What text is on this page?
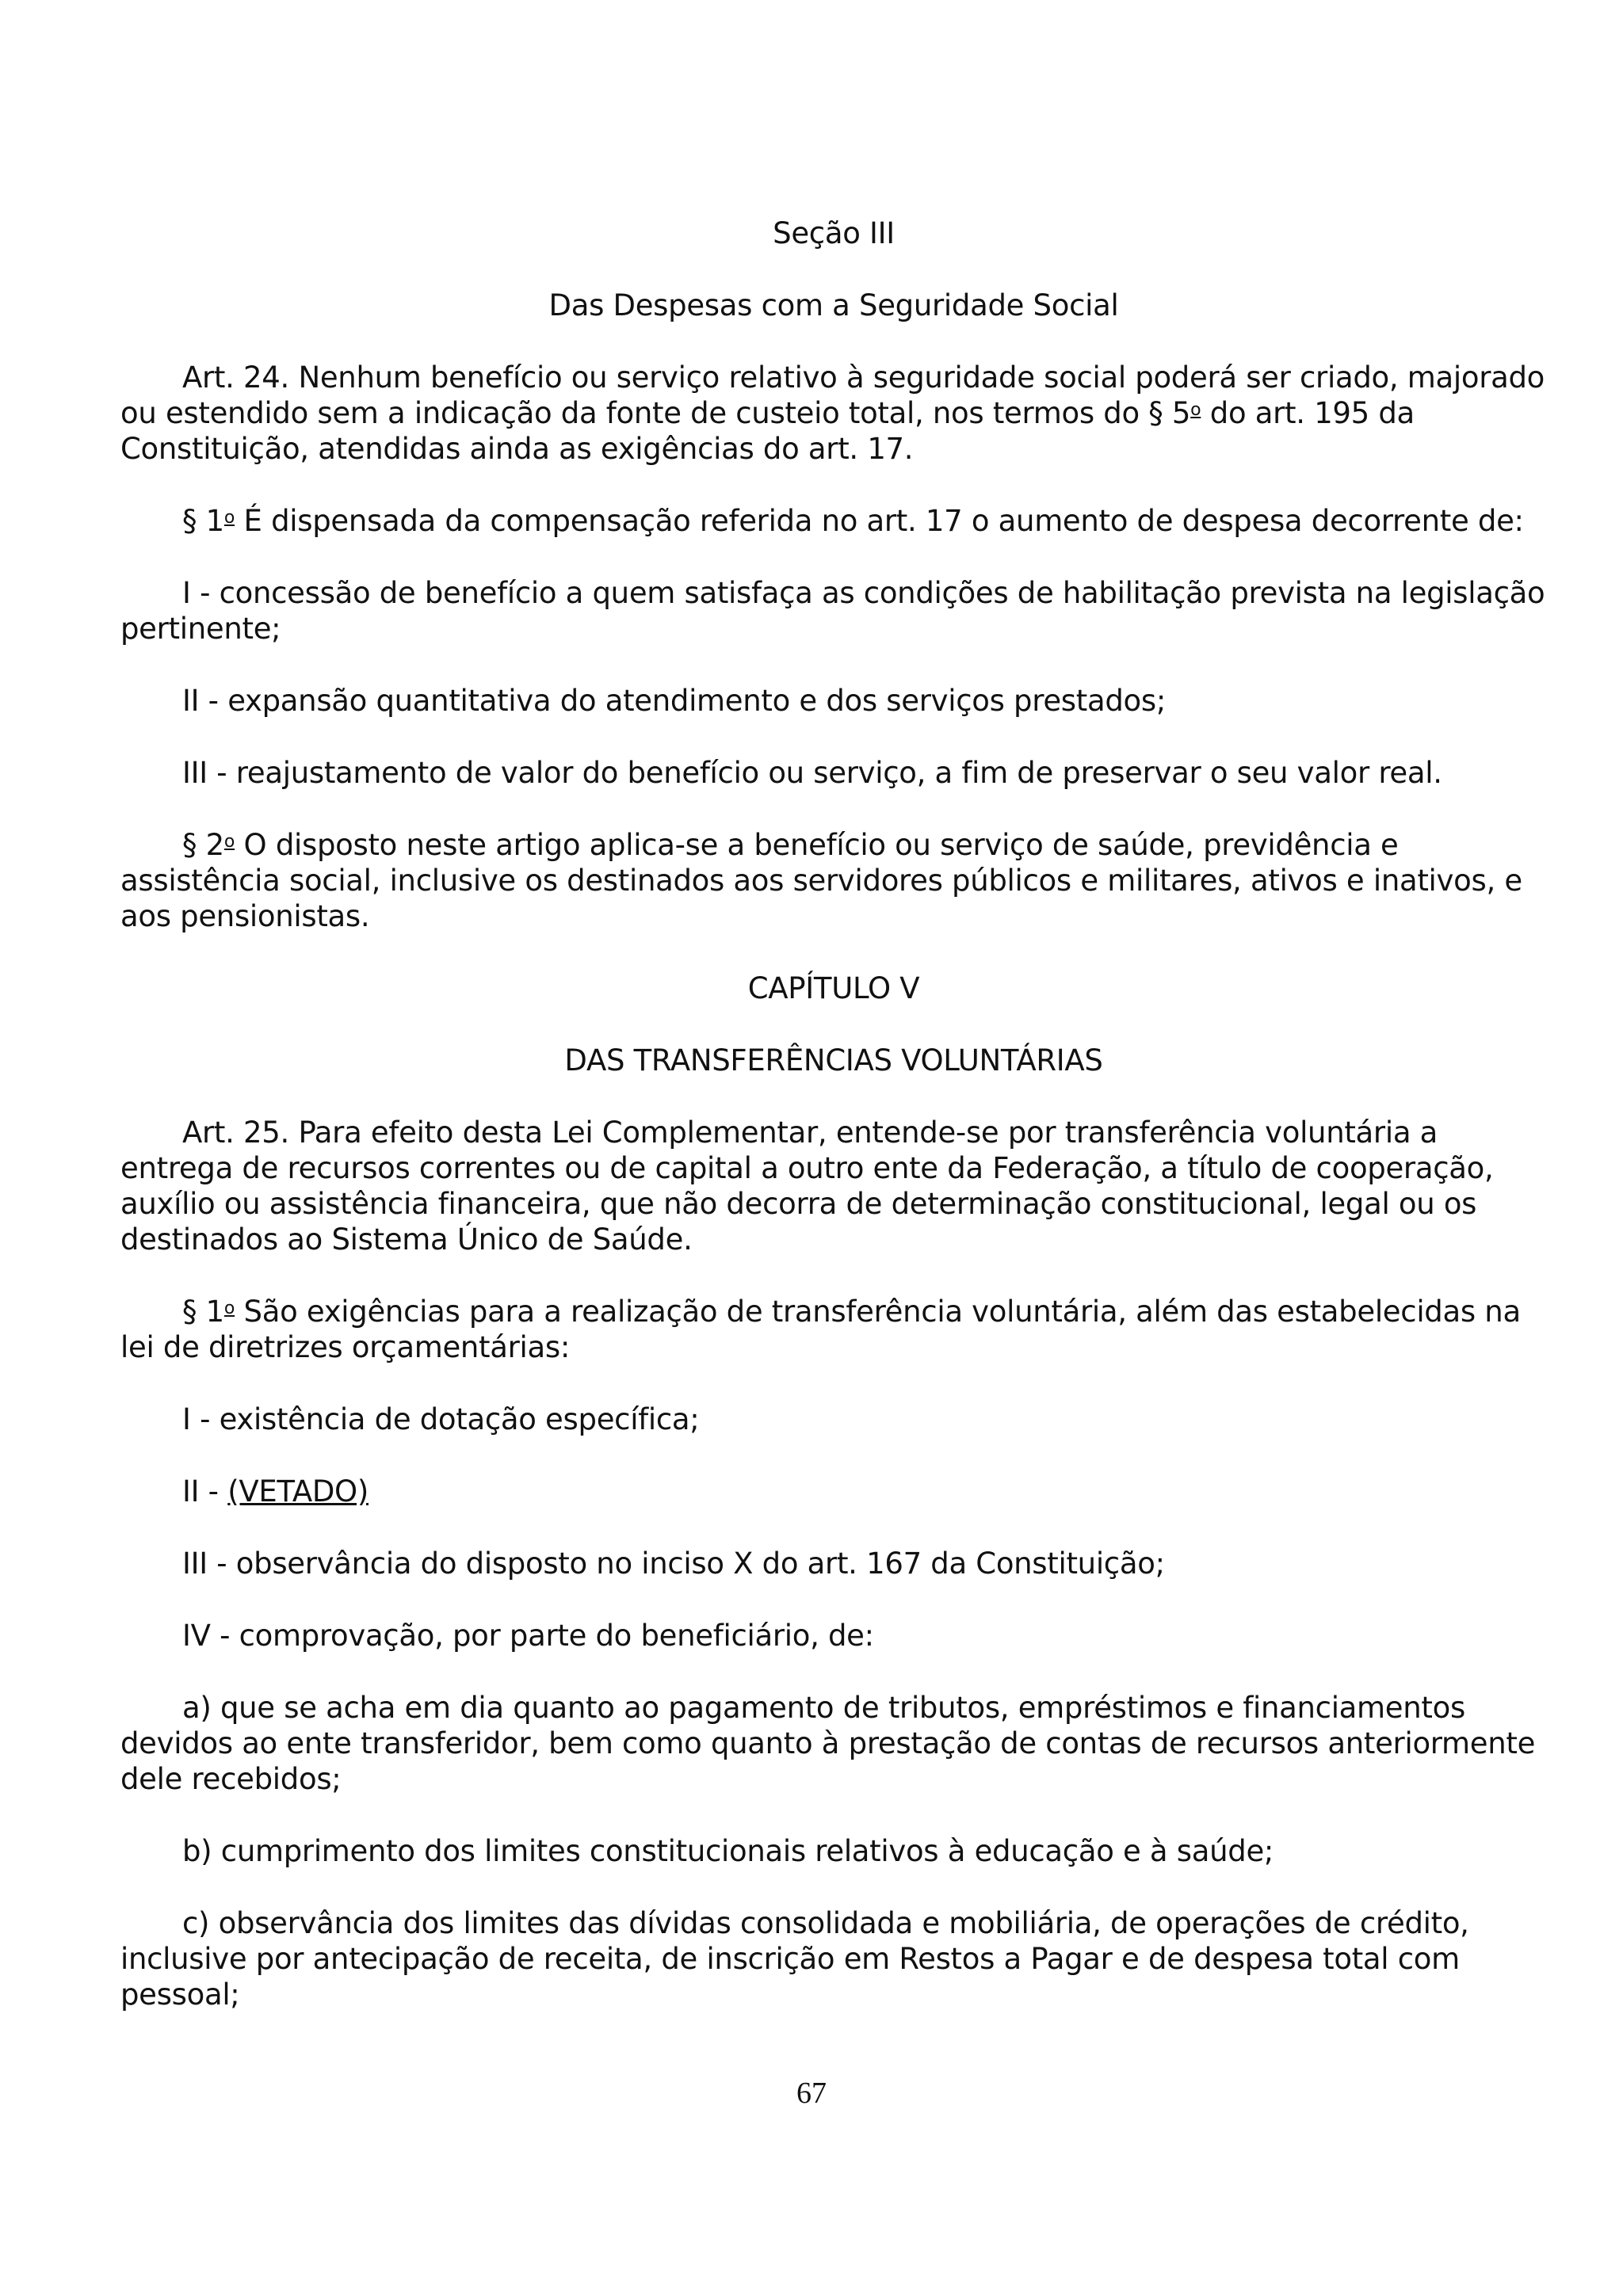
Seção III

Das Despesas com a Seguridade Social

Art. 24. Nenhum benefício ou serviço relativo à seguridade social poderá ser criado, majorado ou estendido sem a indicação da fonte de custeio total, nos termos do § 5$^o$ do art. 195 da Constituição, atendidas ainda as exigências do art. 17.

§ 1$^o$ É dispensada da compensação referida no art. 17 o aumento de despesa decorrente de:

I - concessão de benefício a quem satisfaça as condições de habilitação prevista na legislação pertinente;

II - expansão quantitativa do atendimento e dos serviços prestados;

III - reajustamento de valor do benefício ou serviço, a fim de preservar o seu valor real.

§ 2$^o$ O disposto neste artigo aplica-se a benefício ou serviço de saúde, previdência e assistência social, inclusive os destinados aos servidores públicos e militares, ativos e inativos, e aos pensionistas.

CAPÍTULO V

DAS TRANSFERÊNCIAS VOLUNTÁRIAS

Art. 25. Para efeito desta Lei Complementar, entende-se por transferência voluntária a entrega de recursos correntes ou de capital a outro ente da Federação, a título de cooperação, auxílio ou assistência financeira, que não decorra de determinação constitucional, legal ou os destinados ao Sistema Único de Saúde.

§ 1$^o$ São exigências para a realização de transferência voluntária, além das estabelecidas na lei de diretrizes orçamentárias:

I - existência de dotação específica;

II - (VETADO)

III - observância do disposto no inciso X do art. 167 da Constituição;

IV - comprovação, por parte do beneficiário, de:

a) que se acha em dia quanto ao pagamento de tributos, empréstimos e financiamentos devidos ao ente transferidor, bem como quanto à prestação de contas de recursos anteriormente dele recebidos;

b) cumprimento dos limites constitucionais relativos à educação e à saúde;

c) observância dos limites das dívidas consolidada e mobiliária, de operações de crédito, inclusive por antecipação de receita, de inscrição em Restos a Pagar e de despesa total com pessoal;

67
